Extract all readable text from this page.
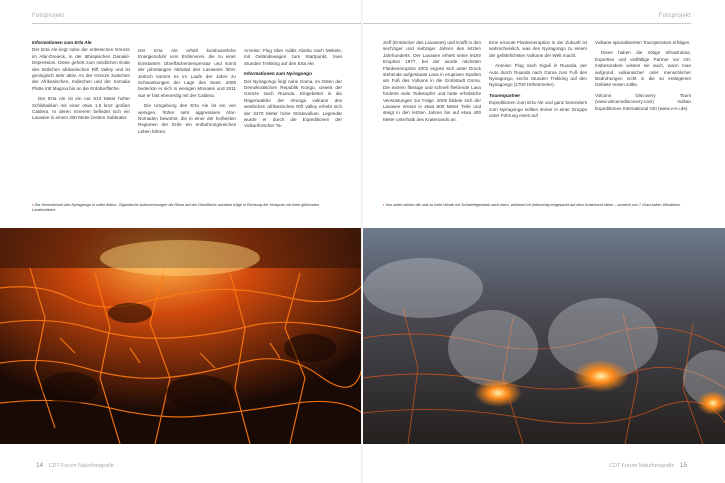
Fotoprojekt
Informationen zum Erta Ale

Der Erta Ale liegt nahe der eritreischen Grenze im Afar-Dreieck, in der äthiopischen Danakil-Depression. Diese gehört zum nördlichen Ende des östlichen afrikanischen Rift Valley und ist geologisch sehr aktiv. An der Grenze zwischen der Afrikanischen, Indischen und der Somalia Platte tritt Magma bis an die Erdoberfläche.

Der Erta Ale ist ein nur 613 Meter hoher Schildvulkan mit einer etwa 1,5 km2 großen Caldera. In deren Innerem befindet sich ein Lavasee in einem 300 Meter breiten Subkrater.

Der Erta Ale erhält kontinuierliche Energiezufuhr vom Erdinneren, die zu einer konstanten Oberflächentemperatur und somit der jahrelangen Aktivität des Lavasees führt. Jedoch kommt es im Laufe der Jahre zu Schwankungen der Lage des Sees: 2008 bedeckte er sich in wenigen Monaten und 2011 war er fast ebenerdig mit der Caldera.

Die Umgebung des Erta Ale ist ein von wenigen, früher sehr aggressiven Afar-Nomaden bewohnt, die in einer der heißesten Regionen der Erde ein entbehrungsreiches Leben führen.

Anreise: Flug über Addis Abeba nach Mekele, mit Geländewagen zum Startpunkt, zwei Stunden Trekking auf den Erta Ale.

Informationen zum Nyiragongo

Der Nyiragongo liegt nahe Goma, im Osten der Demokratischen Republik Kongo, unweit der Grenze nach Ruanda. Eingebettet in die Regenwälder der Virunga vulkane des westlichen afrikanischen Rift Valley erhebt sich der 3470 Meter hohe Stratovulkan. Legendär wurde er durch die Expeditionen der Vulkanforscher Ta-

› Der Hexenkessel des Nyiragongo in voller Aktion. Gigantische Aufbrechnungen als Riese auf der Oberfläche wandern träge in Richtung der Hotspots mit ihren glühenden Lavafontänen.
14 CDT Forum Naturfotografie
Fotoprojekt

zieff (Entdecker des Lavasees) und Krafft in den sechziger und siebziger Jahren des letzten Jahrhunderts. Der Lavasee erhielt seine letzte Eruption 1977, bei der wurde nächsten Flankeneruption 2002 ergoss sich unter Druck stehende aufgestaute Lava in eruptiven Spalten am Fuß des Vulkans in die Großstadt Goma. Die extrem flüssige und schnell fließende Lava forderte viele Todesopfer und hatte erhebliche Verwüstungen zur Folge. 2005 bildete sich der Lavasee erneut in etwa 800 Meter Tiefe und steigt in den letzten Jahren bis auf etwa 400 Meter unterhalb des Kraterrands an.

Eine erneute Flankeneruption in der Zukunft ist wahrscheinlich, was den Nyiragongo zu einem der gefährlichsten Vulkane der Welt macht.

Anreise: Flug nach Kigali in Ruanda, per Auto durch Ruanda nach Goma zum Fuß des Nyiragongo, sechs Stunden Trekking auf den Nyiragongo (1700 Höhenmeter).

Tourenpartner

Expeditionen zum Erta Ale und ganz besonders zum Nyiragongo sollten immer in einer Gruppe unter Führung eines auf

Vulkane spezialisierten Touroperators erfolgen.

Diese haben die nötige Infrastruktur, Expertise und vielfältige Partner vor Ort. Insbesondere wissen sie auch, wann man aufgrund vulkanischer oder menschlicher Bedrohungen nicht in die so entlegenen Gebiete reisen sollte.

Volcano Discovery Tours (www.volcanodiscovery.com) Vulkan Expeditionen International VEI (www.v-e-i.de)

› Von unten wirken die und zu helle Winde mit Schwefelgestank nach oben, während ich jederzeitig eingepackt auf dem Kraterrand stehe – umweht von 7 Grad kalten Windböen.
CDT Forum Naturfotografie 15
